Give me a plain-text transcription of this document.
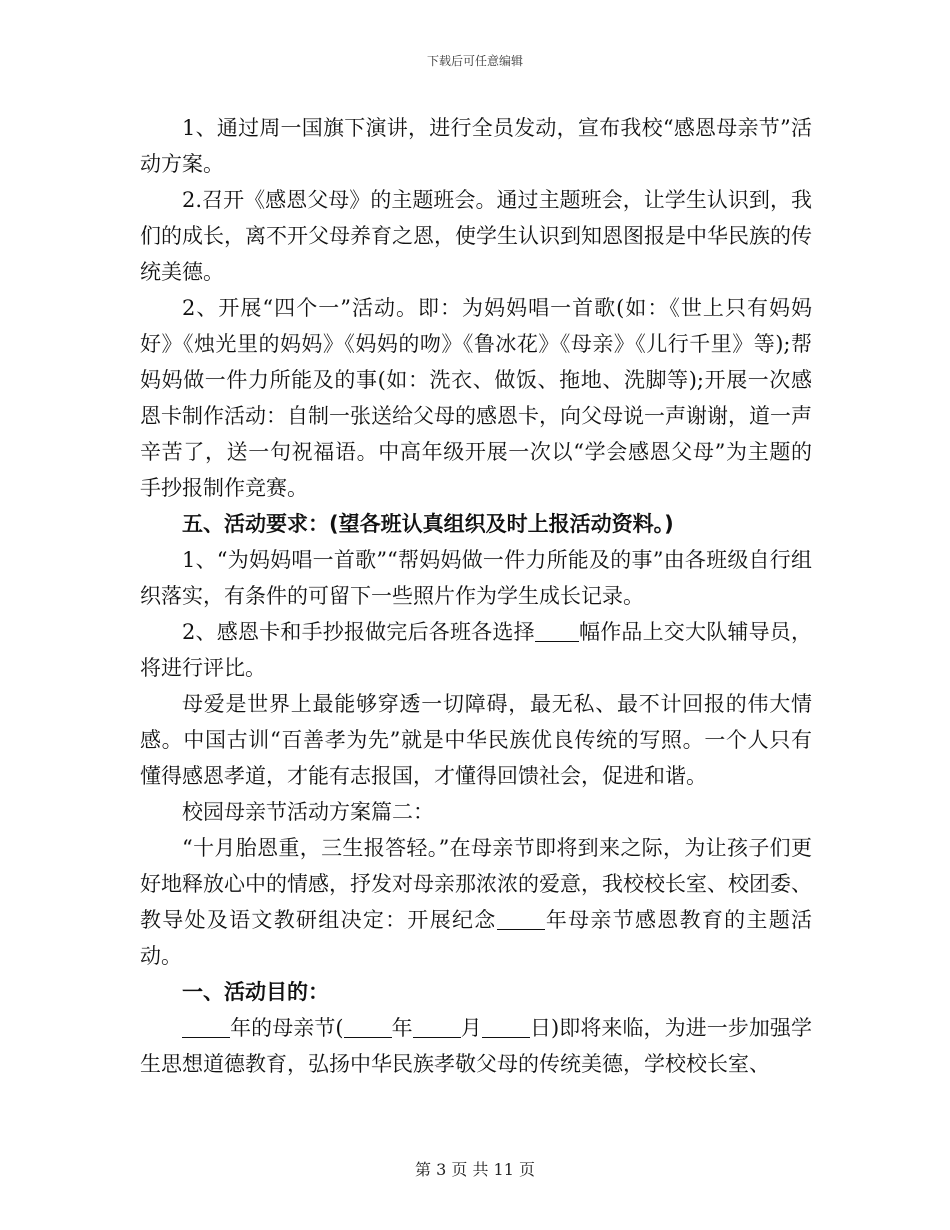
下载后可任意编辑

1、通过周一国旗下演讲，进行全员发动，宣布我校“感恩母亲节”活动方案。

2.召开《感恩父母》的主题班会。通过主题班会，让学生认识到，我们的成长，离不开父母养育之恩，使学生认识到知恩图报是中华民族的传统美德。

2、开展“四个一”活动。即：为妈妈唱一首歌(如：《世上只有妈妈好》《烛光里的妈妈》《妈妈的吻》《鲁冰花》《母亲》《儿行千里》等);帮妈妈做一件力所能及的事(如：洗衣、做饭、拖地、洗脚等);开展一次感恩卡制作活动：自制一张送给父母的感恩卡，向父母说一声谢谢，道一声辛苦了，送一句祝福语。中高年级开展一次以“学会感恩父母”为主题的手抄报制作竞赛。

五、活动要求：(望各班认真组织及时上报活动资料。)

1、“为妈妈唱一首歌”“帮妈妈做一件力所能及的事”由各班级自行组织落实，有条件的可留下一些照片作为学生成长记录。

2、感恩卡和手抄报做完后各班各选择 幅作品上交大队辅导员，将进行评比。

母爱是世界上最能够穿透一切障碍，最无私、最不计回报的伟大情感。中国古训“百善孝为先”就是中华民族优良传统的写照。一个人只有懂得感恩孝道，才能有志报国，才懂得回馈社会，促进和谐。

校园母亲节活动方案篇二：

“十月胎恩重，三生报答轻。”在母亲节即将到来之际，为让孩子们更好地释放心中的情感，抒发对母亲那浓浓的爱意，我校校长室、校团委、教导处及语文教研组决定：开展纪念 年母亲节感恩教育的主题活动。

一、活动目的：

年的母亲节( 年 月 日)即将来临，为进一步加强学生思想道德教育，弘扬中华民族孝敬父母的传统美德，学校校长室、

第 3 页 共 11 页
